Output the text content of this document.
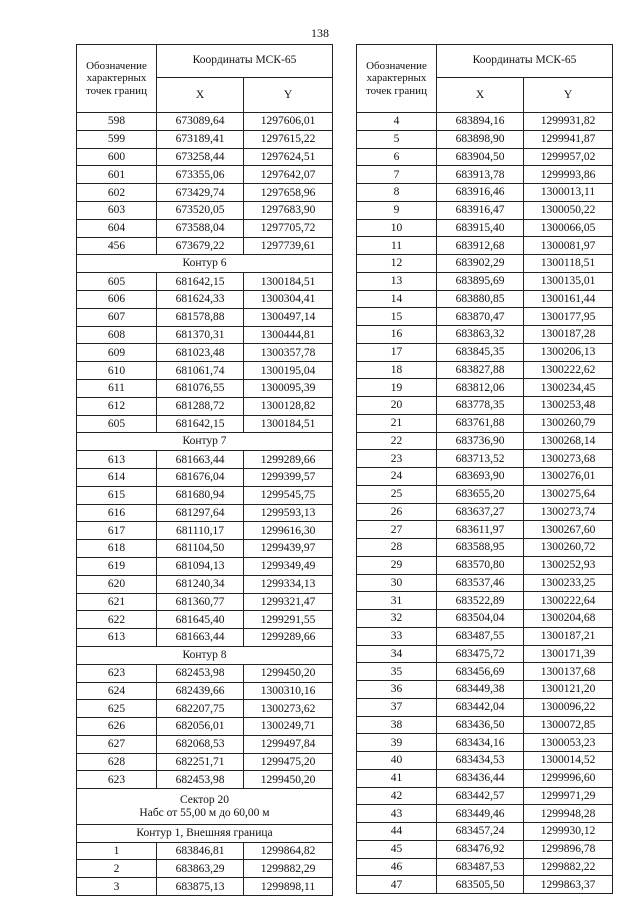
138
Обозначение характерных точек границ	Координаты МСК-65	
	X	Y
598	673089,64	1297606,01
599	673189,41	1297615,22
600	673258,44	1297624,51
601	673355,06	1297642,07
602	673429,74	1297658,96
603	673520,05	1297683,90
604	673588,04	1297705,72
456	673679,22	1297739,61
Контур 6		
605	681642,15	1300184,51
606	681624,33	1300304,41
607	681578,88	1300497,14
608	681370,31	1300444,81
609	681023,48	1300357,78
610	681061,74	1300195,04
611	681076,55	1300095,39
612	681288,72	1300128,82
605	681642,15	1300184,51
Контур 7		
613	681663,44	1299289,66
614	681676,04	1299399,57
615	681680,94	1299545,75
616	681297,64	1299593,13
617	681110,17	1299616,30
618	681104,50	1299439,97
619	681094,13	1299349,49
620	681240,34	1299334,13
621	681360,77	1299321,47
622	681645,40	1299291,55
613	681663,44	1299289,66
Контур 8		
623	682453,98	1299450,20
624	682439,66	1300310,16
625	682207,75	1300273,62
626	682056,01	1300249,71
627	682068,53	1299497,84
628	682251,71	1299475,20
623	682453,98	1299450,20

Сектор 20
Набс от 55,00 м до 60,00 м		

Контур 1, Внешняя граница		
1	683846,81	1299864,82
2	683863,29	1299882,29
3	683875,13	1299898,11
Обозначение характерных точек границ	Координаты МСК-65	
	X	Y
4	683894,16	1299931,82
5	683898,90	1299941,87
6	683904,50	1299957,02
7	683913,78	1299993,86
8	683916,46	1300013,11
9	683916,47	1300050,22
10	683915,40	1300066,05
11	683912,68	1300081,97
12	683902,29	1300118,51
13	683895,69	1300135,01
14	683880,85	1300161,44
15	683870,47	1300177,95
16	683863,32	1300187,28
17	683845,35	1300206,13
18	683827,88	1300222,62
19	683812,06	1300234,45
20	683778,35	1300253,48
21	683761,88	1300260,79
22	683736,90	1300268,14
23	683713,52	1300273,68
24	683693,90	1300276,01
25	683655,20	1300275,64
26	683637,27	1300273,74
27	683611,97	1300267,60
28	683588,95	1300260,72
29	683570,80	1300252,93
30	683537,46	1300233,25
31	683522,89	1300222,64
32	683504,04	1300204,68
33	683487,55	1300187,21
34	683475,72	1300171,39
35	683456,69	1300137,68
36	683449,38	1300121,20
37	683442,04	1300096,22
38	683436,50	1300072,85
39	683434,16	1300053,23
40	683434,53	1300014,52
41	683436,44	1299996,60
42	683442,57	1299971,29
43	683449,46	1299948,28
44	683457,24	1299930,12
45	683476,92	1299896,78
46	683487,53	1299882,22
47	683505,50	1299863,37
